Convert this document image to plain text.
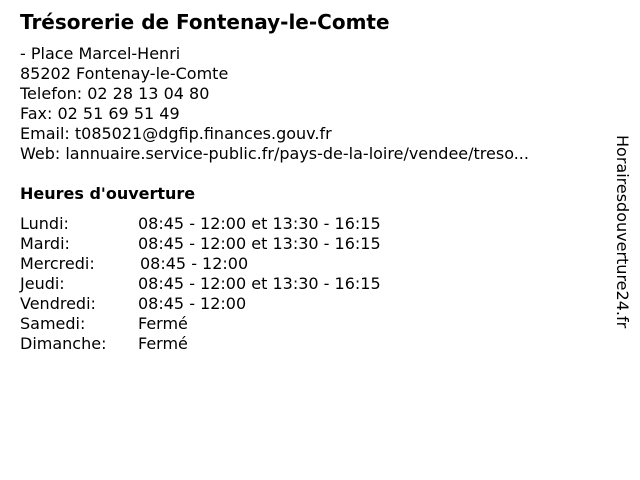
Trésorerie de Fontenay-le-Comte
- Place Marcel-Henri
85202 Fontenay-le-Comte
Telefon: 02 28 13 04 80
Fax: 02 51 69 51 49
Email: t085021@dgfip.finances.gouv.fr
Web: lannuaire.service-public.fr/pays-de-la-loire/vendee/treso...
Heures d'ouverture
Lundi:	08:45 - 12:00 et 13:30 - 16:15
Mardi:	08:45 - 12:00 et 13:30 - 16:15
Mercredi:	08:45 - 12:00
Jeudi:	08:45 - 12:00 et 13:30 - 16:15
Vendredi:	08:45 - 12:00
Samedi:	Fermé
Dimanche: Fermé
Horairesdouverture24.fr
